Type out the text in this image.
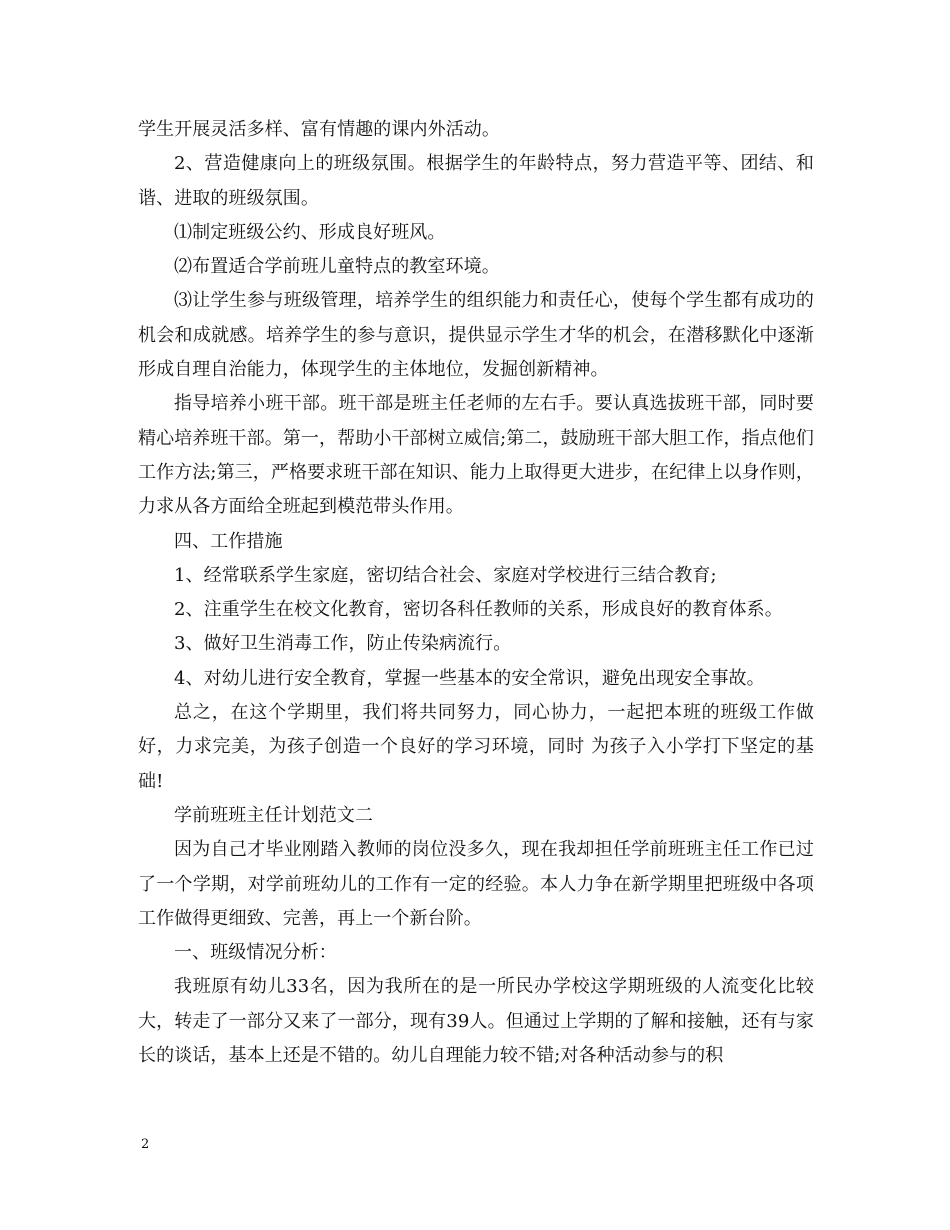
学生开展灵活多样、富有情趣的课内外活动。

2、营造健康向上的班级氛围。根据学生的年龄特点，努力营造平等、团结、和谐、进取的班级氛围。

⑴制定班级公约、形成良好班风。

⑵布置适合学前班儿童特点的教室环境。

⑶让学生参与班级管理，培养学生的组织能力和责任心，使每个学生都有成功的机会和成就感。培养学生的参与意识，提供显示学生才华的机会，在潜移默化中逐渐形成自理自治能力，体现学生的主体地位，发掘创新精神。

指导培养小班干部。班干部是班主任老师的左右手。要认真选拔班干部，同时要精心培养班干部。第一，帮助小干部树立威信;第二，鼓励班干部大胆工作，指点他们工作方法;第三，严格要求班干部在知识、能力上取得更大进步，在纪律上以身作则，力求从各方面给全班起到模范带头作用。

四、工作措施

1、经常联系学生家庭，密切结合社会、家庭对学校进行三结合教育;

2、注重学生在校文化教育，密切各科任教师的关系，形成良好的教育体系。

3、做好卫生消毒工作，防止传染病流行。

4、对幼儿进行安全教育，掌握一些基本的安全常识，避免出现安全事故。

总之，在这个学期里，我们将共同努力，同心协力，一起把本班的班级工作做好，力求完美，为孩子创造一个良好的学习环境，同时 为孩子入小学打下坚定的基础!

学前班班主任计划范文二

因为自己才毕业刚踏入教师的岗位没多久，现在我却担任学前班班主任工作已过了一个学期，对学前班幼儿的工作有一定的经验。本人力争在新学期里把班级中各项工作做得更细致、完善，再上一个新台阶。

一、班级情况分析：

我班原有幼儿33名，因为我所在的是一所民办学校这学期班级的人流变化比较大，转走了一部分又来了一部分，现有39人。但通过上学期的了解和接触，还有与家长的谈话，基本上还是不错的。幼儿自理能力较不错;对各种活动参与的积

2
